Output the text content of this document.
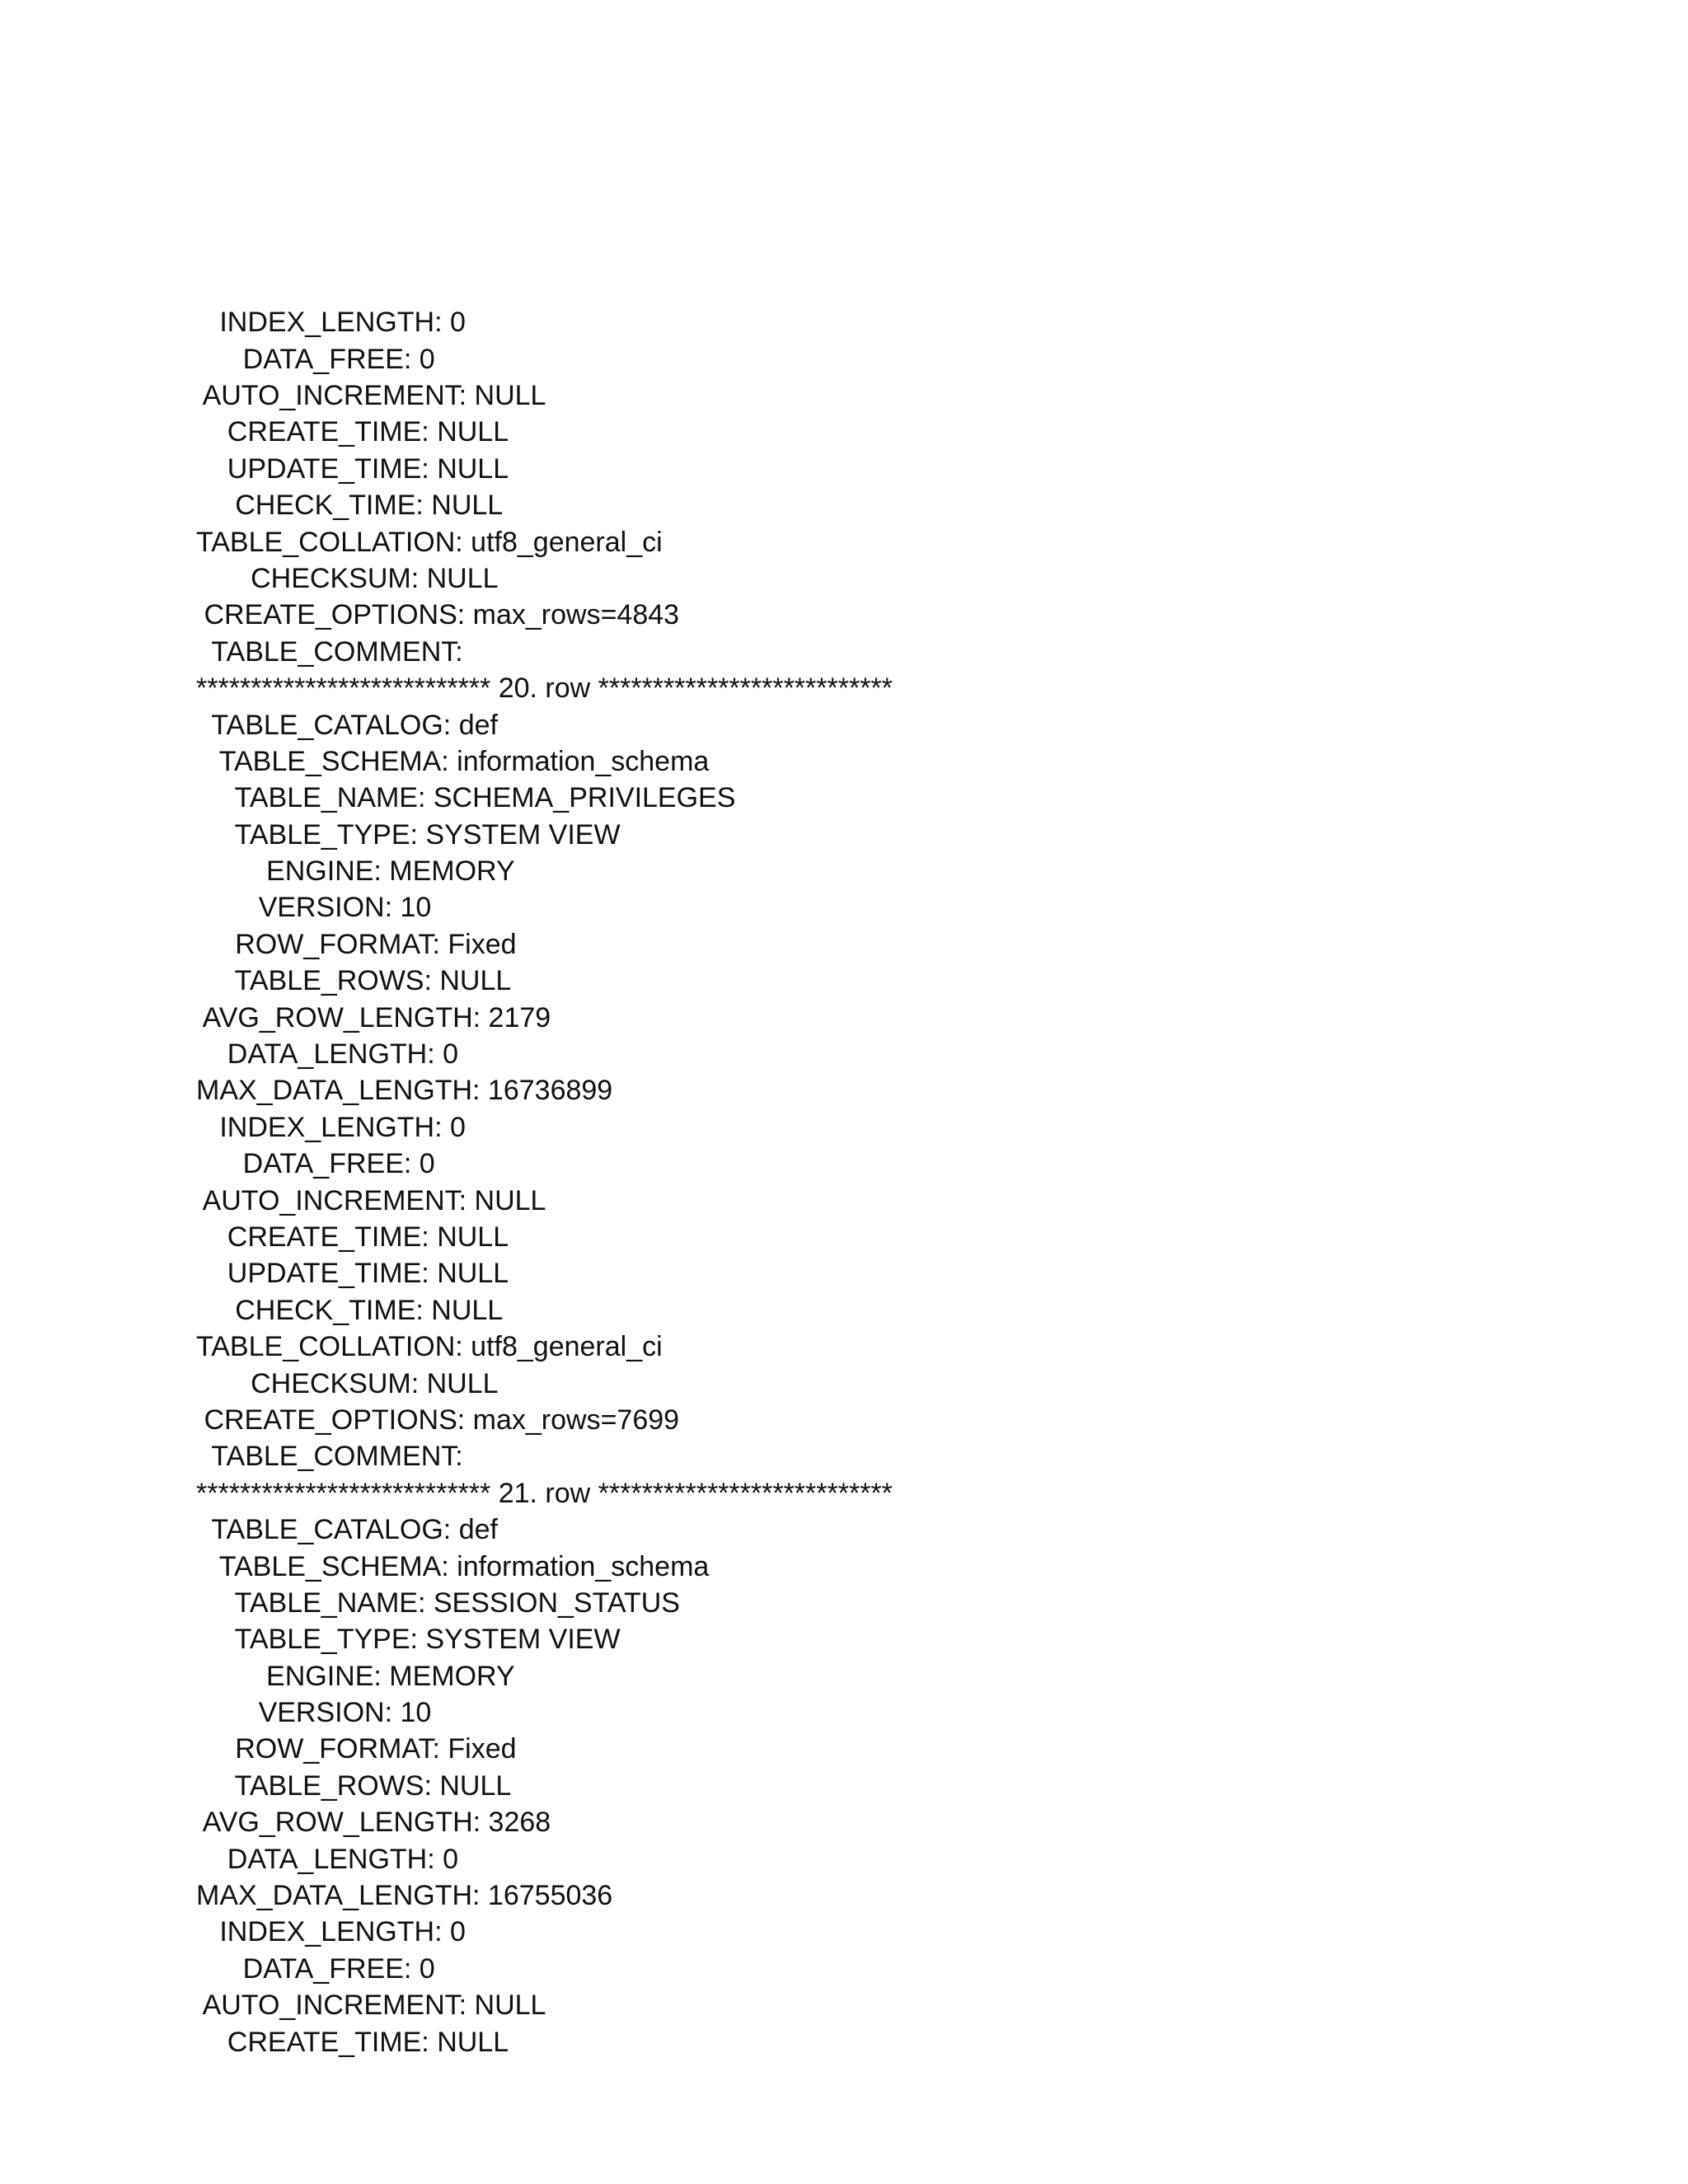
INDEX_LENGTH: 0
DATA_FREE: 0
AUTO_INCREMENT: NULL
CREATE_TIME: NULL
UPDATE_TIME: NULL
CHECK_TIME: NULL
TABLE_COLLATION: utf8_general_ci
CHECKSUM: NULL
CREATE_OPTIONS: max_rows=4843
TABLE_COMMENT:
*************************** 20. row ***************************
TABLE_CATALOG: def
TABLE_SCHEMA: information_schema
TABLE_NAME: SCHEMA_PRIVILEGES
TABLE_TYPE: SYSTEM VIEW
ENGINE: MEMORY
VERSION: 10
ROW_FORMAT: Fixed
TABLE_ROWS: NULL
AVG_ROW_LENGTH: 2179
DATA_LENGTH: 0
MAX_DATA_LENGTH: 16736899
INDEX_LENGTH: 0
DATA_FREE: 0
AUTO_INCREMENT: NULL
CREATE_TIME: NULL
UPDATE_TIME: NULL
CHECK_TIME: NULL
TABLE_COLLATION: utf8_general_ci
CHECKSUM: NULL
CREATE_OPTIONS: max_rows=7699
TABLE_COMMENT:
*************************** 21. row ***************************
TABLE_CATALOG: def
TABLE_SCHEMA: information_schema
TABLE_NAME: SESSION_STATUS
TABLE_TYPE: SYSTEM VIEW
ENGINE: MEMORY
VERSION: 10
ROW_FORMAT: Fixed
TABLE_ROWS: NULL
AVG_ROW_LENGTH: 3268
DATA_LENGTH: 0
MAX_DATA_LENGTH: 16755036
INDEX_LENGTH: 0
DATA_FREE: 0
AUTO_INCREMENT: NULL
CREATE_TIME: NULL
